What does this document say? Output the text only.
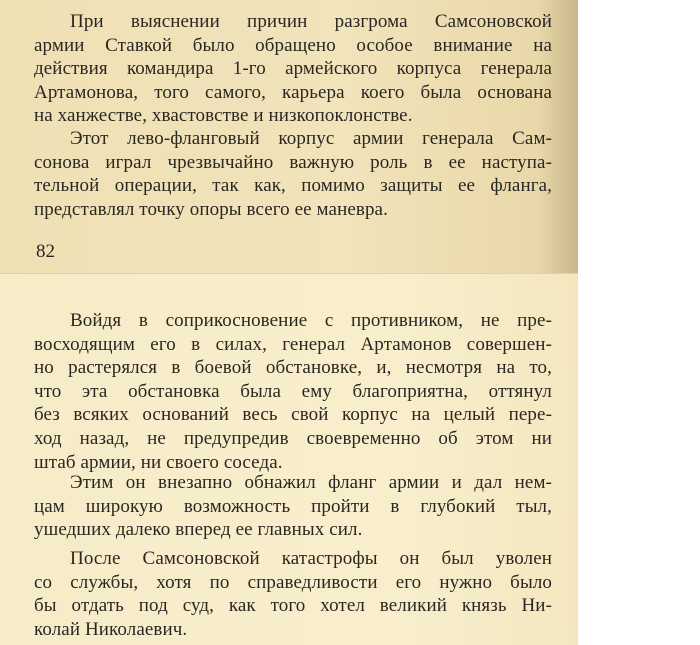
При выяснении причин разгрома Самсоновской
армии Ставкой было обращено особое внимание на
действия командира 1-го армейского корпуса генерала
Артамонова, того самого, карьера коего была основана
на ханжестве, хвастовстве и низкопоклонстве.

Этот лево-фланговый корпус армии генерала Сам-
сонова играл чрезвычайно важную роль в ее наступа-
тельной операции, так как, помимо защиты ее фланга,
представлял точку опоры всего ее маневра.

82

Войдя в соприкосновение с противником, не пре-
восходящим его в силах, генерал Артамонов совершен-
но растерялся в боевой обстановке, и, несмотря на то,
что эта обстановка была ему благоприятна, оттянул
без всяких оснований весь свой корпус на целый пере-
ход назад, не предупредив своевременно об этом ни
штаб армии, ни своего соседа.

Этим он внезапно обнажил фланг армии и дал нем-
цам широкую возможность пройти в глубокий тыл,
ушедших далеко вперед ее главных сил.

После Самсоновской катастрофы он был уволен
со службы, хотя по справедливости его нужно было
бы отдать под суд, как того хотел великий князь Ни-
колай Николаевич.
